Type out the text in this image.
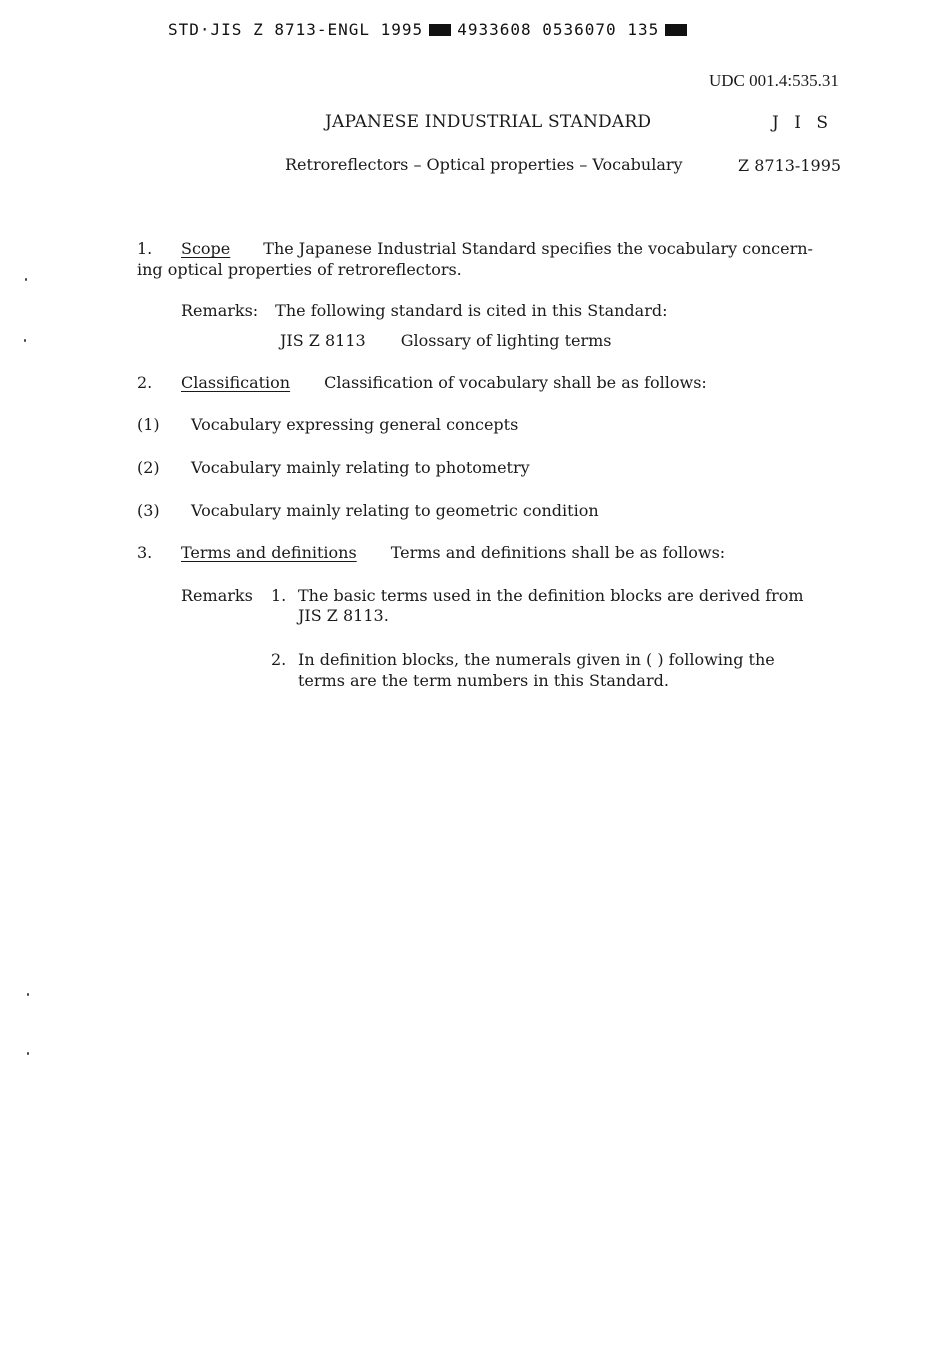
STD·JIS Z 8713-ENGL 1995 4933608 0536070 135
UDC 001.4:535.31
JAPANESE INDUSTRIAL STANDARD	J I S
Retroreflectors – Optical properties – Vocabulary	Z 8713-1995
1. Scope The Japanese Industrial Standard specifies the vocabulary concern-
ing optical properties of retroreflectors.
Remarks: The following standard is cited in this Standard:
JIS Z 8113 Glossary of lighting terms
2. Classification Classification of vocabulary shall be as follows:
(1) Vocabulary expressing general concepts
(2) Vocabulary mainly relating to photometry
(3) Vocabulary mainly relating to geometric condition
3. Terms and definitions Terms and definitions shall be as follows:
Remarks 1. The basic terms used in the definition blocks are derived from
JIS Z 8113.
2. In definition blocks, the numerals given in ( ) following the
terms are the term numbers in this Standard.
